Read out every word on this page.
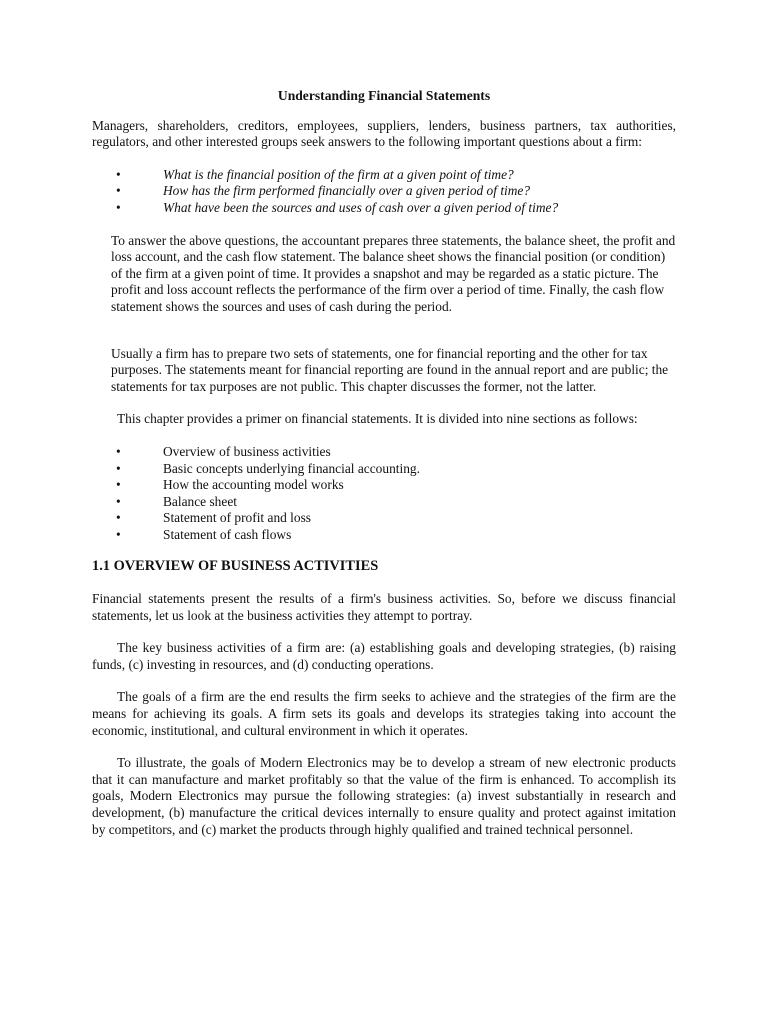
Understanding Financial Statements

Managers, shareholders, creditors, employees, suppliers, lenders, business partners, tax authorities, regulators, and other interested groups seek answers to the following important questions about a firm:

•	What is the financial position of the firm at a given point of time?
•	How has the firm performed financially over a given period of time?
•	What have been the sources and uses of cash over a given period of time?

To answer the above questions, the accountant prepares three statements, the balance sheet, the profit and loss account, and the cash flow statement. The balance sheet shows the financial position (or condition) of the firm at a given point of time. It provides a snapshot and may be regarded as a static picture. The profit and loss account reflects the performance of the firm over a period of time. Finally, the cash flow statement shows the sources and uses of cash during the period.

Usually a firm has to prepare two sets of statements, one for financial reporting and the other for tax purposes. The statements meant for financial reporting are found in the annual report and are public; the statements for tax purposes are not public. This chapter discusses the former, not the latter.

This chapter provides a primer on financial statements. It is divided into nine sections as follows:

•	Overview of business activities
•	Basic concepts underlying financial accounting.
•	How the accounting model works
•	Balance sheet
•	Statement of profit and loss
•	Statement of cash flows
1.1 OVERVIEW OF BUSINESS ACTIVITIES

Financial statements present the results of a firm's business activities. So, before we discuss financial statements, let us look at the business activities they attempt to portray.

The key business activities of a firm are: (a) establishing goals and developing strategies, (b) raising funds, (c) investing in resources, and (d) conducting operations.

The goals of a firm are the end results the firm seeks to achieve and the strategies of the firm are the means for achieving its goals. A firm sets its goals and develops its strategies taking into account the economic, institutional, and cultural environment in which it operates.

To illustrate, the goals of Modern Electronics may be to develop a stream of new electronic products that it can manufacture and market profitably so that the value of the firm is enhanced. To accomplish its goals, Modern Electronics may pursue the following strategies: (a) invest substantially in research and development, (b) manufacture the critical devices internally to ensure quality and protect against imitation by competitors, and (c) market the products through highly qualified and trained technical personnel.
